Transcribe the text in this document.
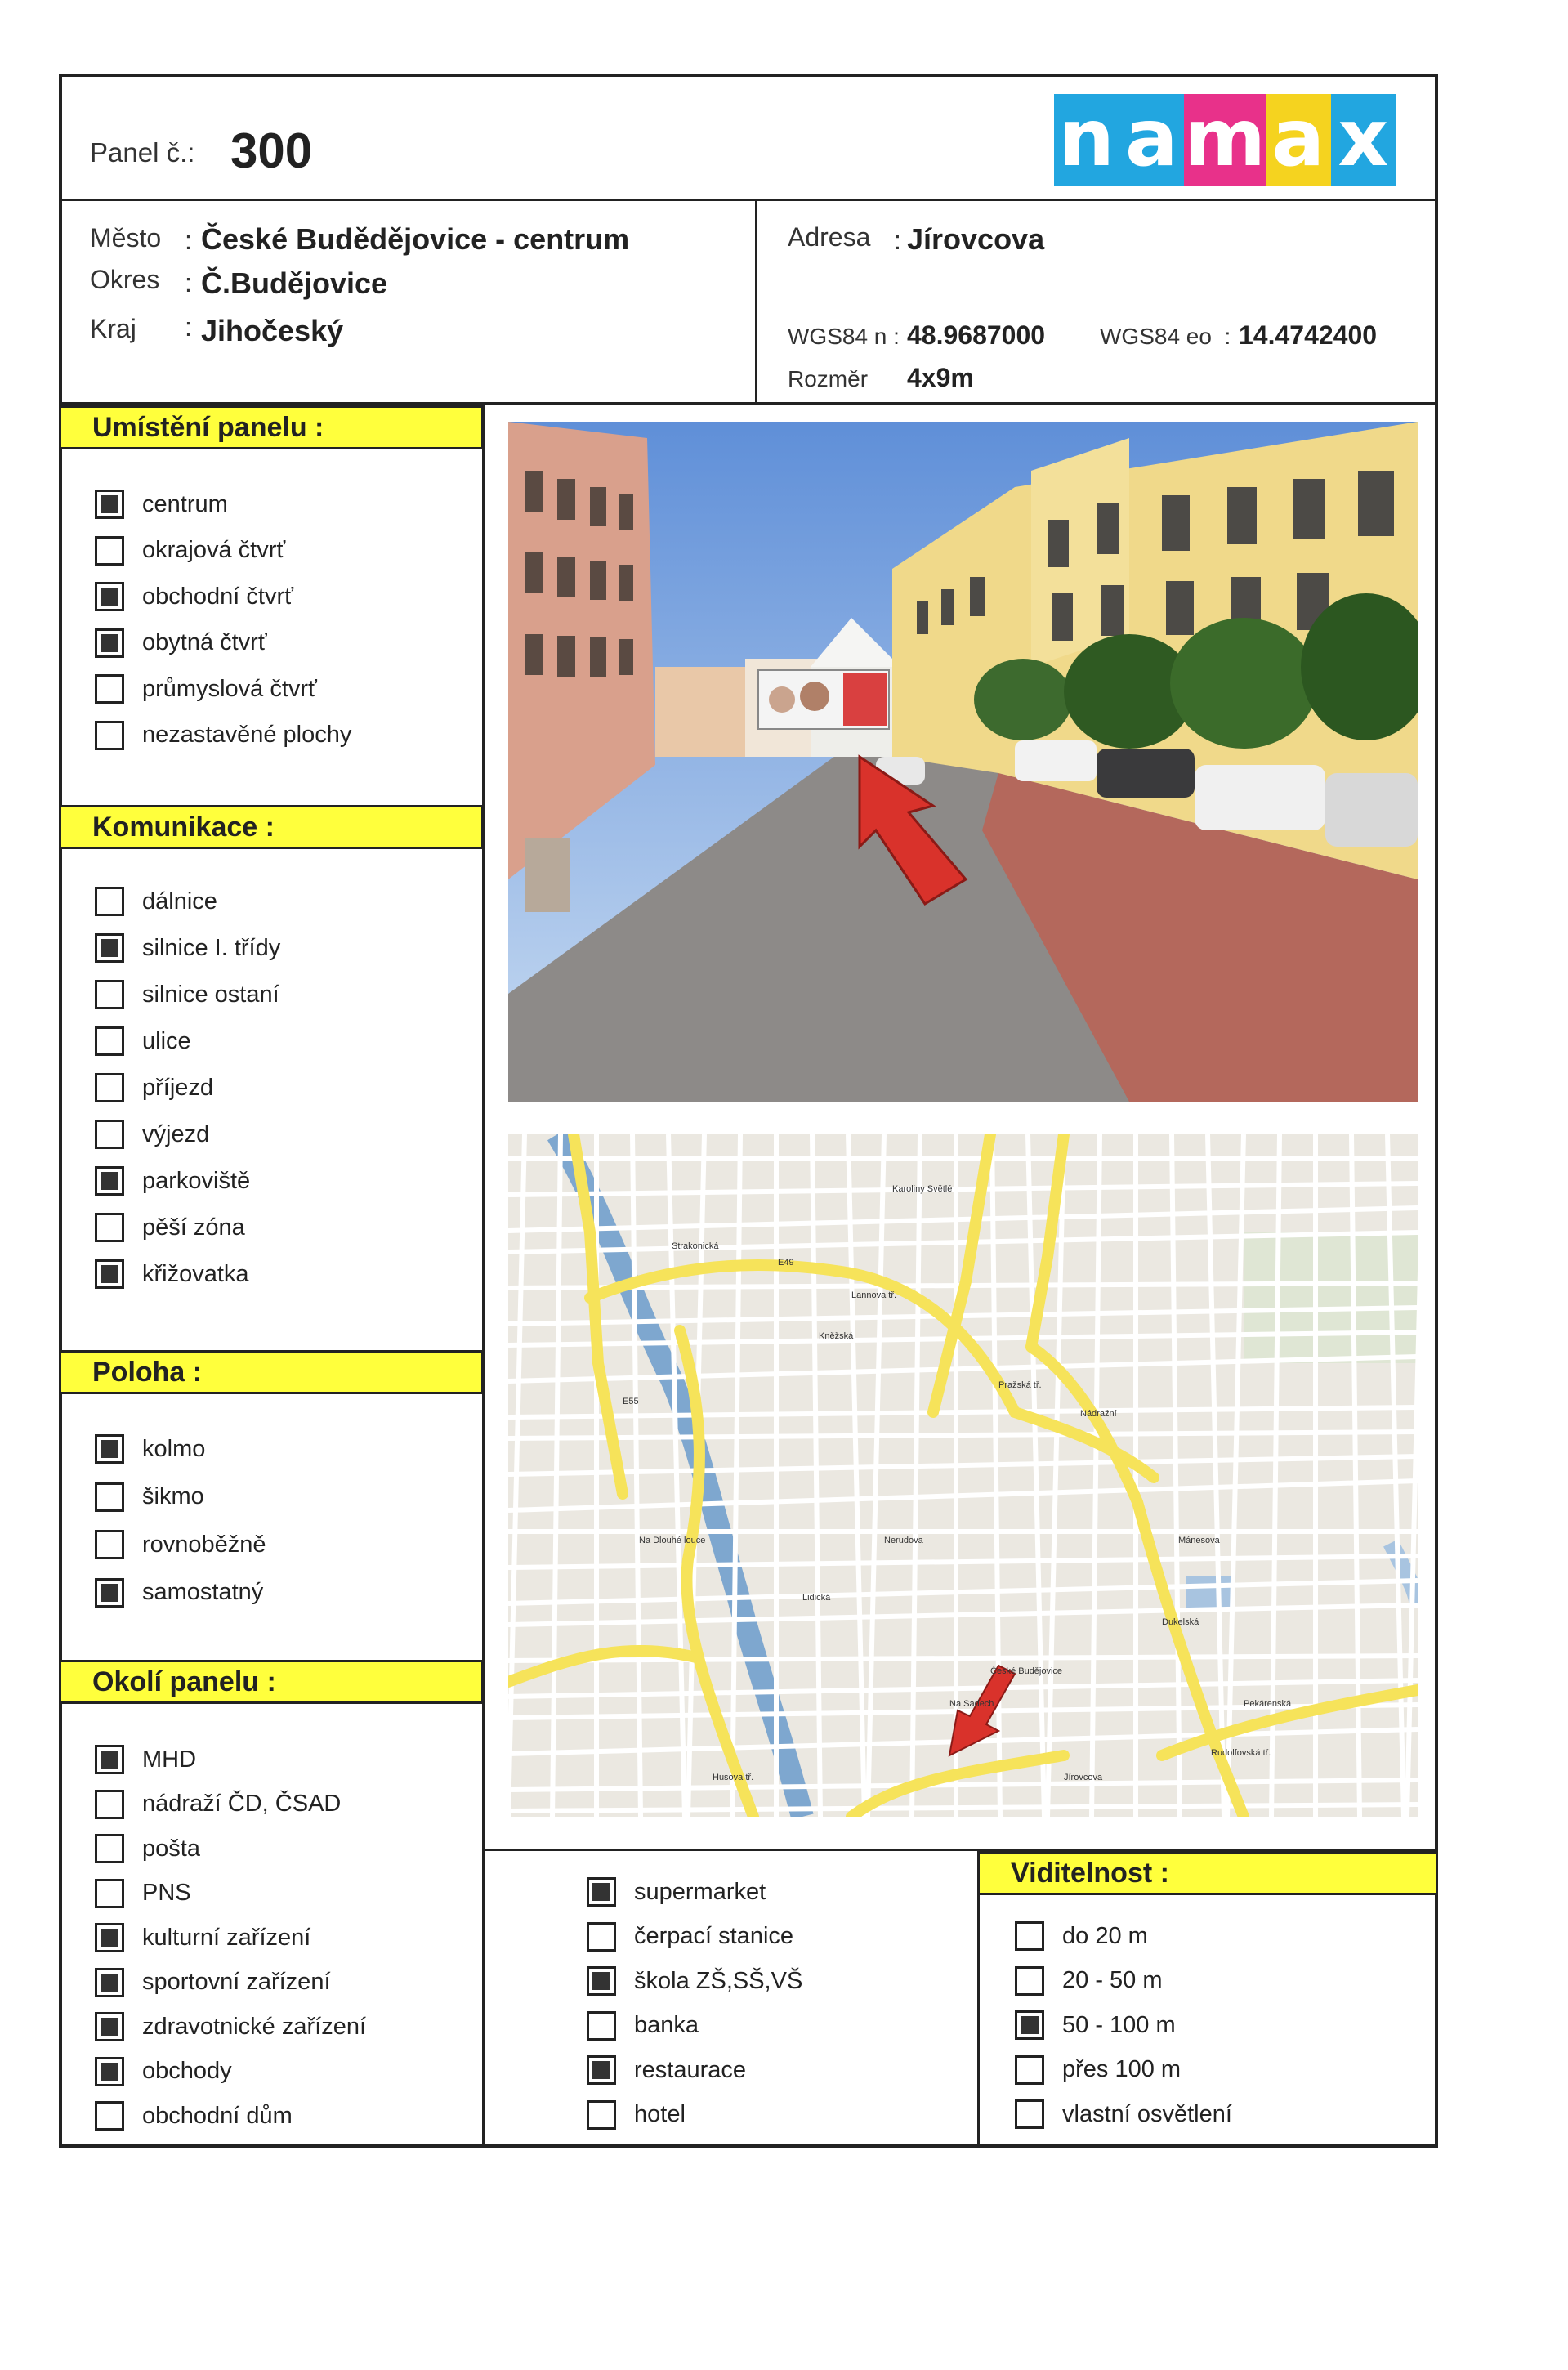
Panel č.: 300	n a m a x
Město : České Budědějovice - centrum
Okres : Č.Budějovice
Kraj : Jihočeský
Adresa : Jírovcova
WGS84 n : 48.9687000 WGS84 eo  : 14.4742400
Rozměr 4x9m
Umístění panelu :
centrum
okrajová čtvrť
obchodní čtvrť
obytná čtvrť
průmyslová čtvrť
nezastavěné plochy
Komunikace :
dálnice
silnice I. třídy
silnice ostaní
ulice
příjezd
výjezd
parkoviště
pěší zóna
křižovatka
Poloha :
kolmo
šikmo
rovnoběžně
samostatný
Okolí panelu :
MHD
nádraží ČD, ČSAD
pošta
PNS
kulturní zařízení
sportovní zařízení
zdravotnické zařízení
obchody
obchodní dům
supermarket
čerpací stanice
škola ZŠ,SŠ,VŠ
banka
restaurace
hotel
Viditelnost :
do 20 m
20 - 50 m
50 - 100 m
přes 100 m
vlastní osvětlení
Strakonická
E49
E55
Pražská tř.
Nádražní
Husova tř.
Na Sadech
České Budějovice
Lidická
Nerudova
Jírovcova
Rudolfovská tř.
Pekárenská
Dukelská
Karoliny Světlé
Na Dlouhé louce	Mánesova
Kněžská
Lannova tř.
